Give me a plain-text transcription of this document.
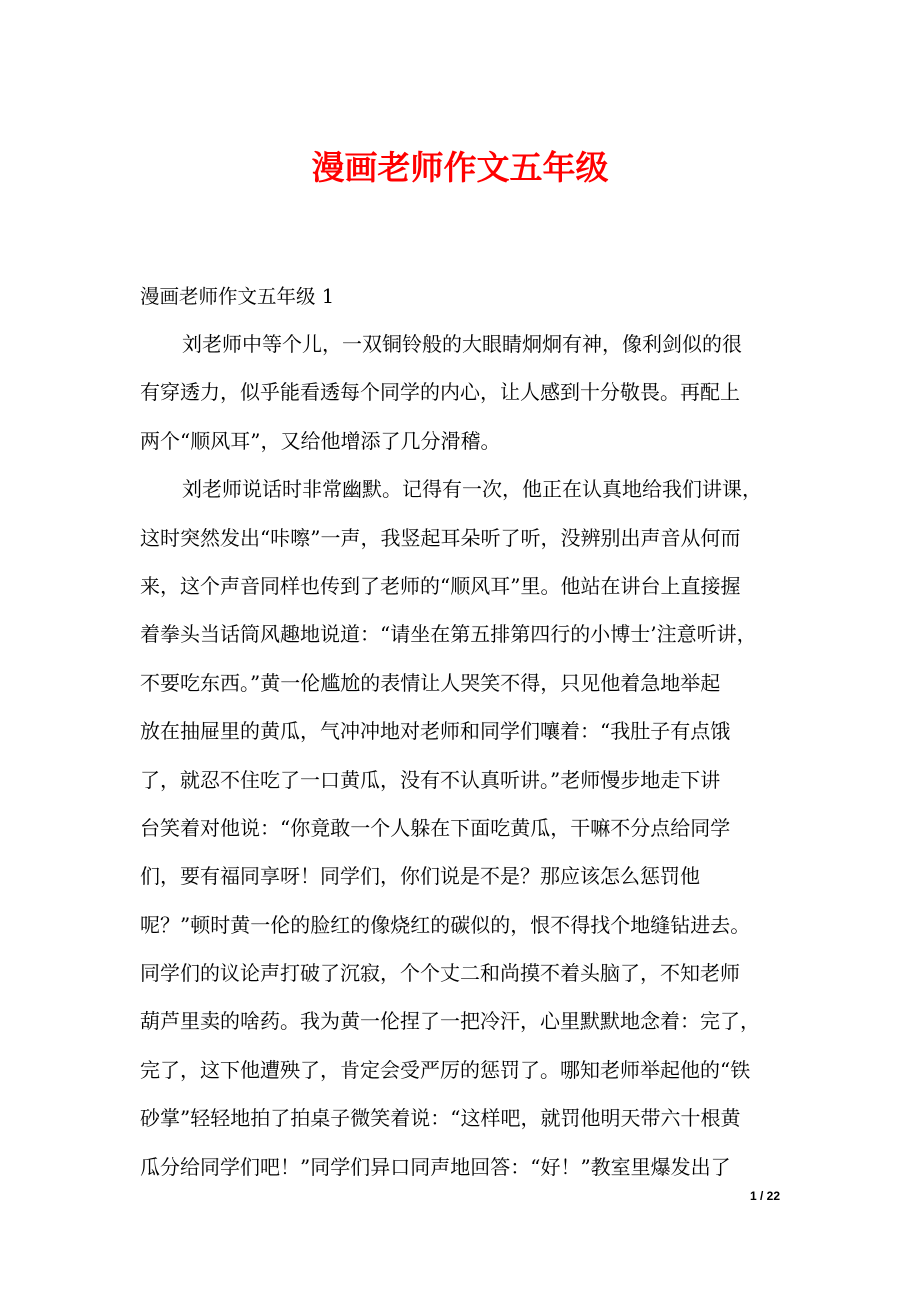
漫画老师作文五年级
漫画老师作文五年级 1
刘老师中等个儿，一双铜铃般的大眼睛炯炯有神，像利剑似的很
有穿透力，似乎能看透每个同学的内心，让人感到十分敬畏。再配上
两个“顺风耳”，又给他增添了几分滑稽。
刘老师说话时非常幽默。记得有一次，他正在认真地给我们讲课，
这时突然发出“咔嚓”一声，我竖起耳朵听了听，没辨别出声音从何而
来，这个声音同样也传到了老师的“顺风耳”里。他站在讲台上直接握
着拳头当话筒风趣地说道：“请坐在第五排第四行的小博士’注意听讲，
不要吃东西。”黄一伦尴尬的表情让人哭笑不得，只见他着急地举起
放在抽屉里的黄瓜，气冲冲地对老师和同学们嚷着：“我肚子有点饿
了，就忍不住吃了一口黄瓜，没有不认真听讲。”老师慢步地走下讲
台笑着对他说：“你竟敢一个人躲在下面吃黄瓜，干嘛不分点给同学
们，要有福同享呀！同学们，你们说是不是？那应该怎么惩罚他
呢？”顿时黄一伦的脸红的像烧红的碳似的，恨不得找个地缝钻进去。
同学们的议论声打破了沉寂，个个丈二和尚摸不着头脑了，不知老师
葫芦里卖的啥药。我为黄一伦捏了一把冷汗，心里默默地念着：完了，
完了，这下他遭殃了，肯定会受严厉的惩罚了。哪知老师举起他的“铁
砂掌”轻轻地拍了拍桌子微笑着说：“这样吧，就罚他明天带六十根黄
瓜分给同学们吧！”同学们异口同声地回答：“好！”教室里爆发出了
1 / 22
